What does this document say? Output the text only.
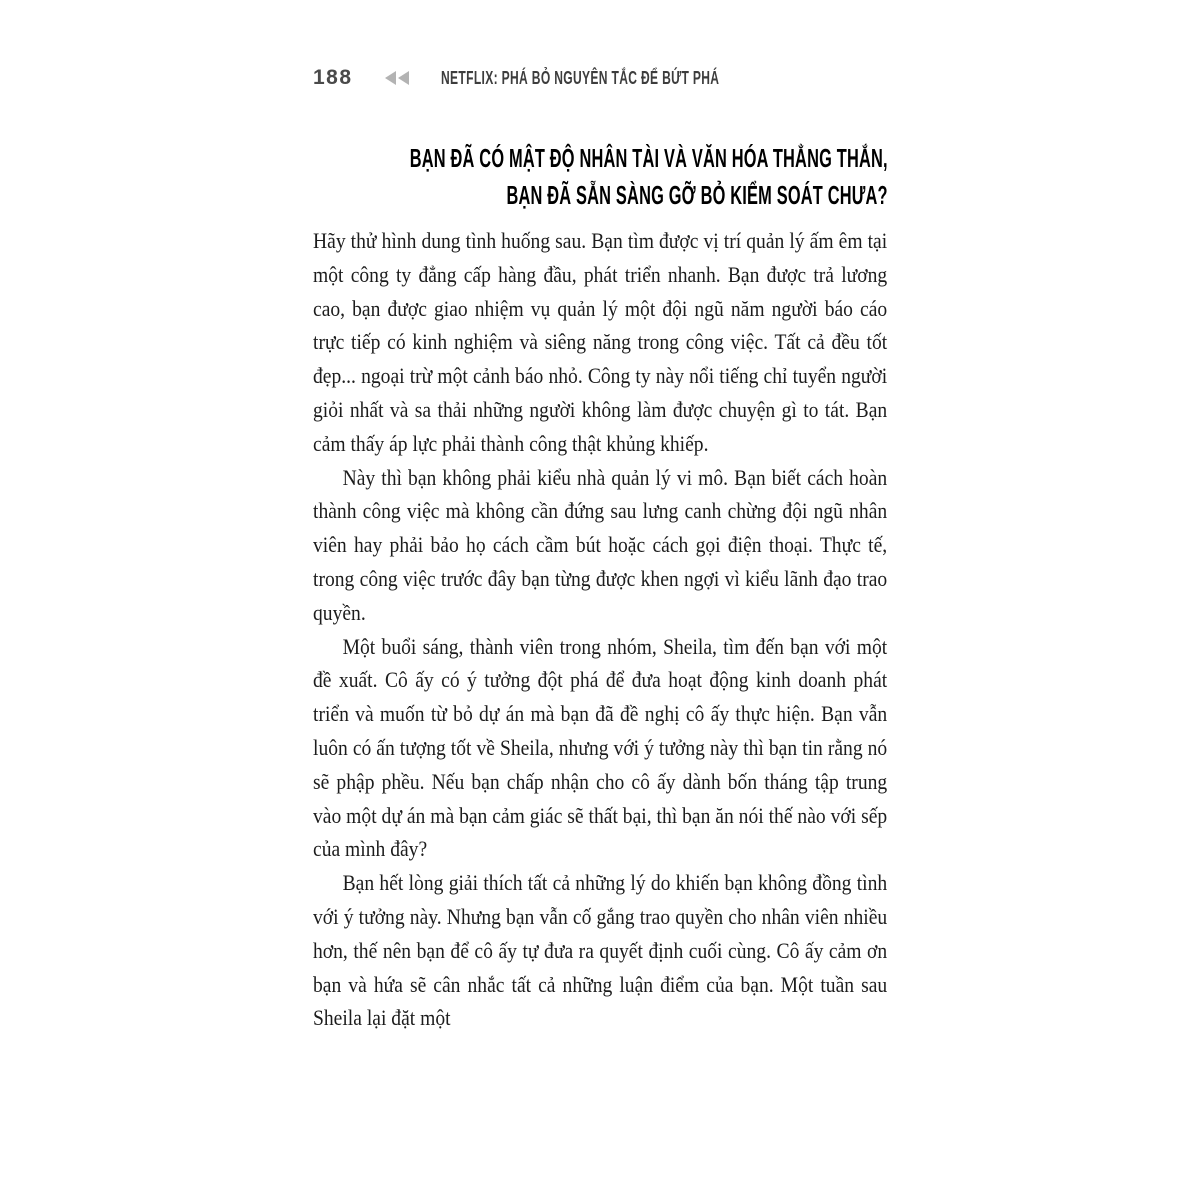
188	NETFLIX: PHÁ BỎ NGUYÊN TẮC ĐỂ BỨT PHÁ
BẠN ĐÃ CÓ MẬT ĐỘ NHÂN TÀI VÀ VĂN HÓA THẲNG THẮN,
BẠN ĐÃ SẴN SÀNG GỠ BỎ KIỂM SOÁT CHƯA?

Hãy thử hình dung tình huống sau. Bạn tìm được vị trí quản lý ấm êm tại một công ty đẳng cấp hàng đầu, phát triển nhanh. Bạn được trả lương cao, bạn được giao nhiệm vụ quản lý một đội ngũ năm người báo cáo trực tiếp có kinh nghiệm và siêng năng trong công việc. Tất cả đều tốt đẹp... ngoại trừ một cảnh báo nhỏ. Công ty này nổi tiếng chỉ tuyển người giỏi nhất và sa thải những người không làm được chuyện gì to tát. Bạn cảm thấy áp lực phải thành công thật khủng khiếp.

Này thì bạn không phải kiểu nhà quản lý vi mô. Bạn biết cách hoàn thành công việc mà không cần đứng sau lưng canh chừng đội ngũ nhân viên hay phải bảo họ cách cầm bút hoặc cách gọi điện thoại. Thực tế, trong công việc trước đây bạn từng được khen ngợi vì kiểu lãnh đạo trao quyền.

Một buổi sáng, thành viên trong nhóm, Sheila, tìm đến bạn với một đề xuất. Cô ấy có ý tưởng đột phá để đưa hoạt động kinh doanh phát triển và muốn từ bỏ dự án mà bạn đã đề nghị cô ấy thực hiện. Bạn vẫn luôn có ấn tượng tốt về Sheila, nhưng với ý tưởng này thì bạn tin rằng nó sẽ phập phều. Nếu bạn chấp nhận cho cô ấy dành bốn tháng tập trung vào một dự án mà bạn cảm giác sẽ thất bại, thì bạn ăn nói thế nào với sếp của mình đây?

Bạn hết lòng giải thích tất cả những lý do khiến bạn không đồng tình với ý tưởng này. Nhưng bạn vẫn cố gắng trao quyền cho nhân viên nhiều hơn, thế nên bạn để cô ấy tự đưa ra quyết định cuối cùng. Cô ấy cảm ơn bạn và hứa sẽ cân nhắc tất cả những luận điểm của bạn. Một tuần sau Sheila lại đặt một
